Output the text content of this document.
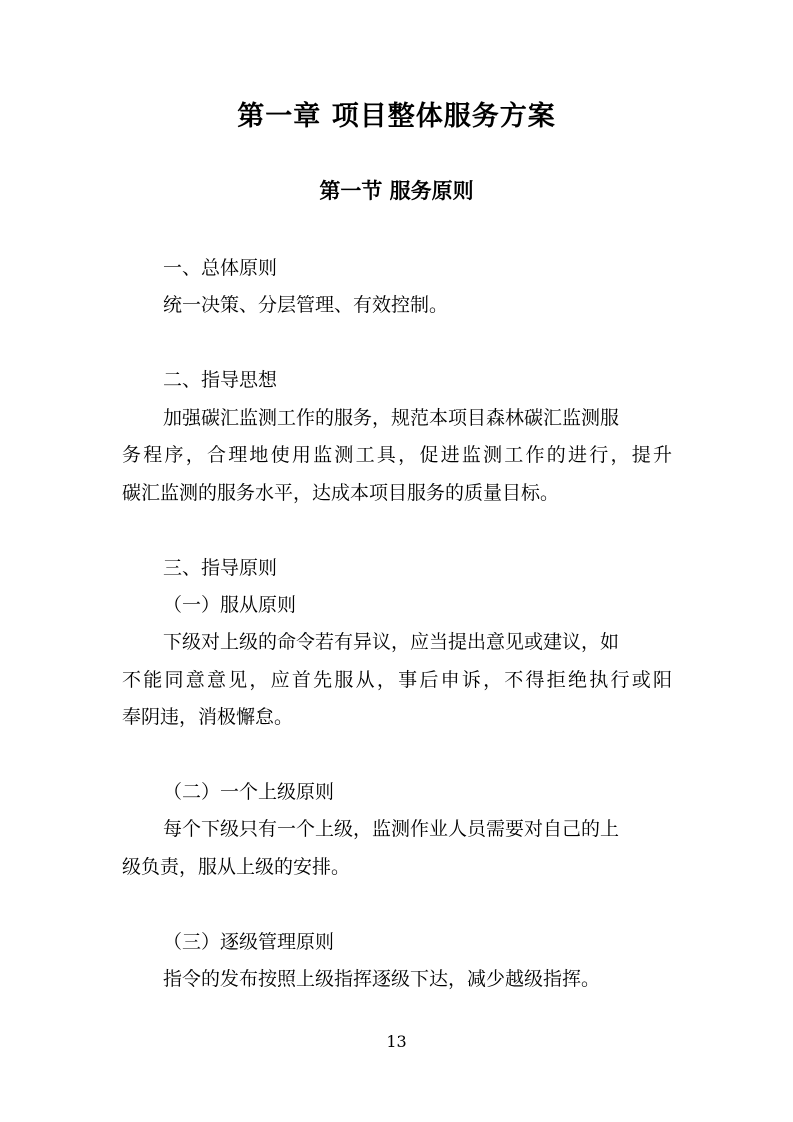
第一章 项目整体服务方案
第一节 服务原则
一、总体原则
统一决策、分层管理、有效控制。
二、指导思想
加强碳汇监测工作的服务，规范本项目森林碳汇监测服
务程序，合理地使用监测工具，促进监测工作的进行，提升
碳汇监测的服务水平，达成本项目服务的质量目标。
三、指导原则
（一）服从原则
下级对上级的命令若有异议，应当提出意见或建议，如
不能同意意见，应首先服从，事后申诉，不得拒绝执行或阳
奉阴违，消极懈怠。
（二）一个上级原则
每个下级只有一个上级，监测作业人员需要对自己的上
级负责，服从上级的安排。
（三）逐级管理原则
指令的发布按照上级指挥逐级下达，减少越级指挥。
13
